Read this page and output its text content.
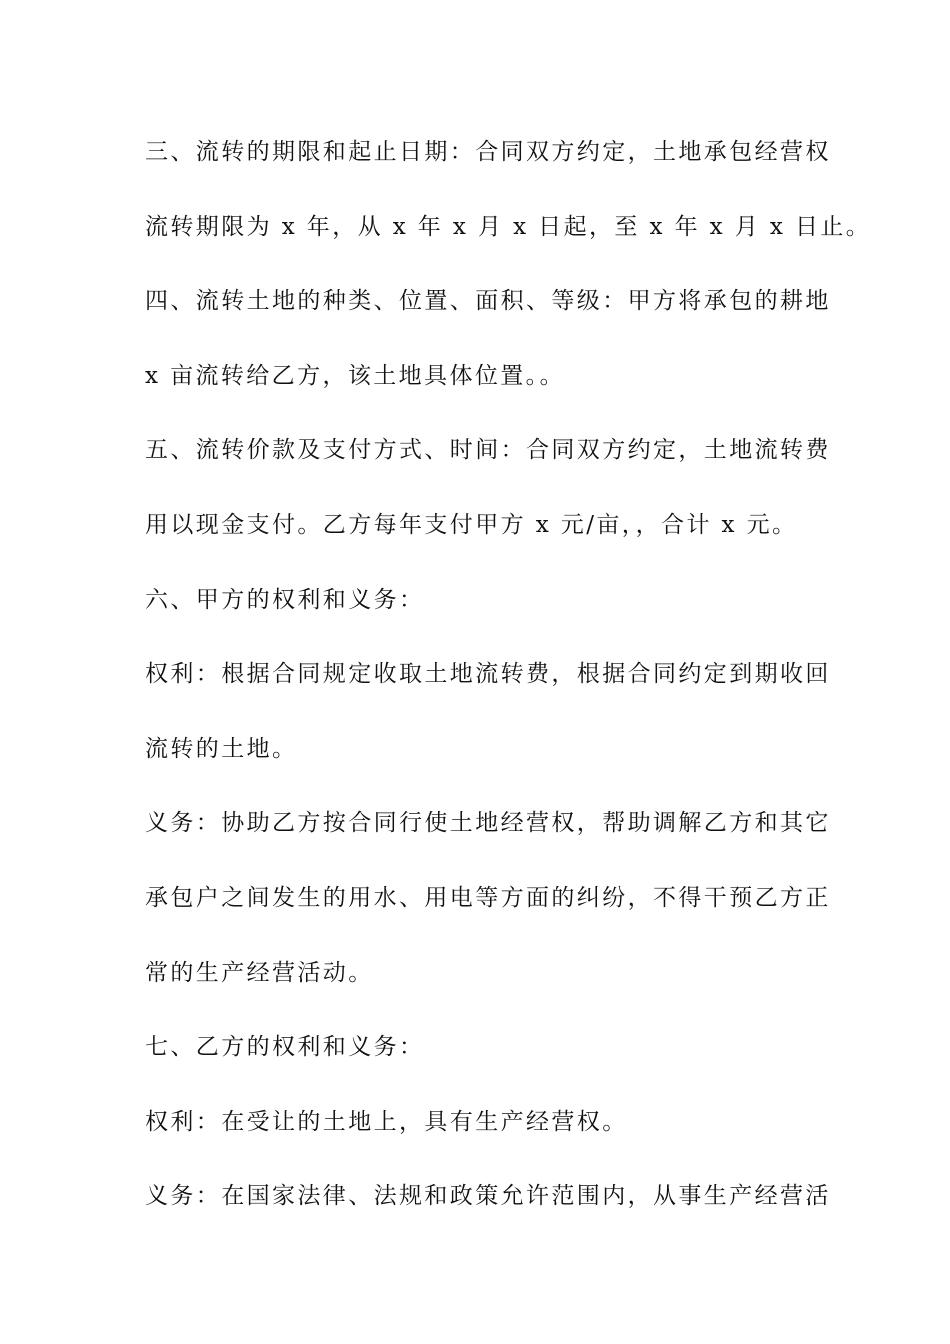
三、流转的期限和起止日期：合同双方约定，土地承包经营权
流转期限为 x 年，从 x 年 x 月 x 日起，至 x 年 x 月 x 日止。
四、流转土地的种类、位置、面积、等级：甲方将承包的耕地
x 亩流转给乙方，该土地具体位置。。
五、流转价款及支付方式、时间：合同双方约定，土地流转费
用以现金支付。乙方每年支付甲方 x 元/亩，，合计 x 元。
六、甲方的权利和义务：
权利：根据合同规定收取土地流转费，根据合同约定到期收回
流转的土地。
义务：协助乙方按合同行使土地经营权，帮助调解乙方和其它
承包户之间发生的用水、用电等方面的纠纷，不得干预乙方正
常的生产经营活动。
七、乙方的权利和义务：
权利：在受让的土地上，具有生产经营权。
义务：在国家法律、法规和政策允许范围内，从事生产经营活
